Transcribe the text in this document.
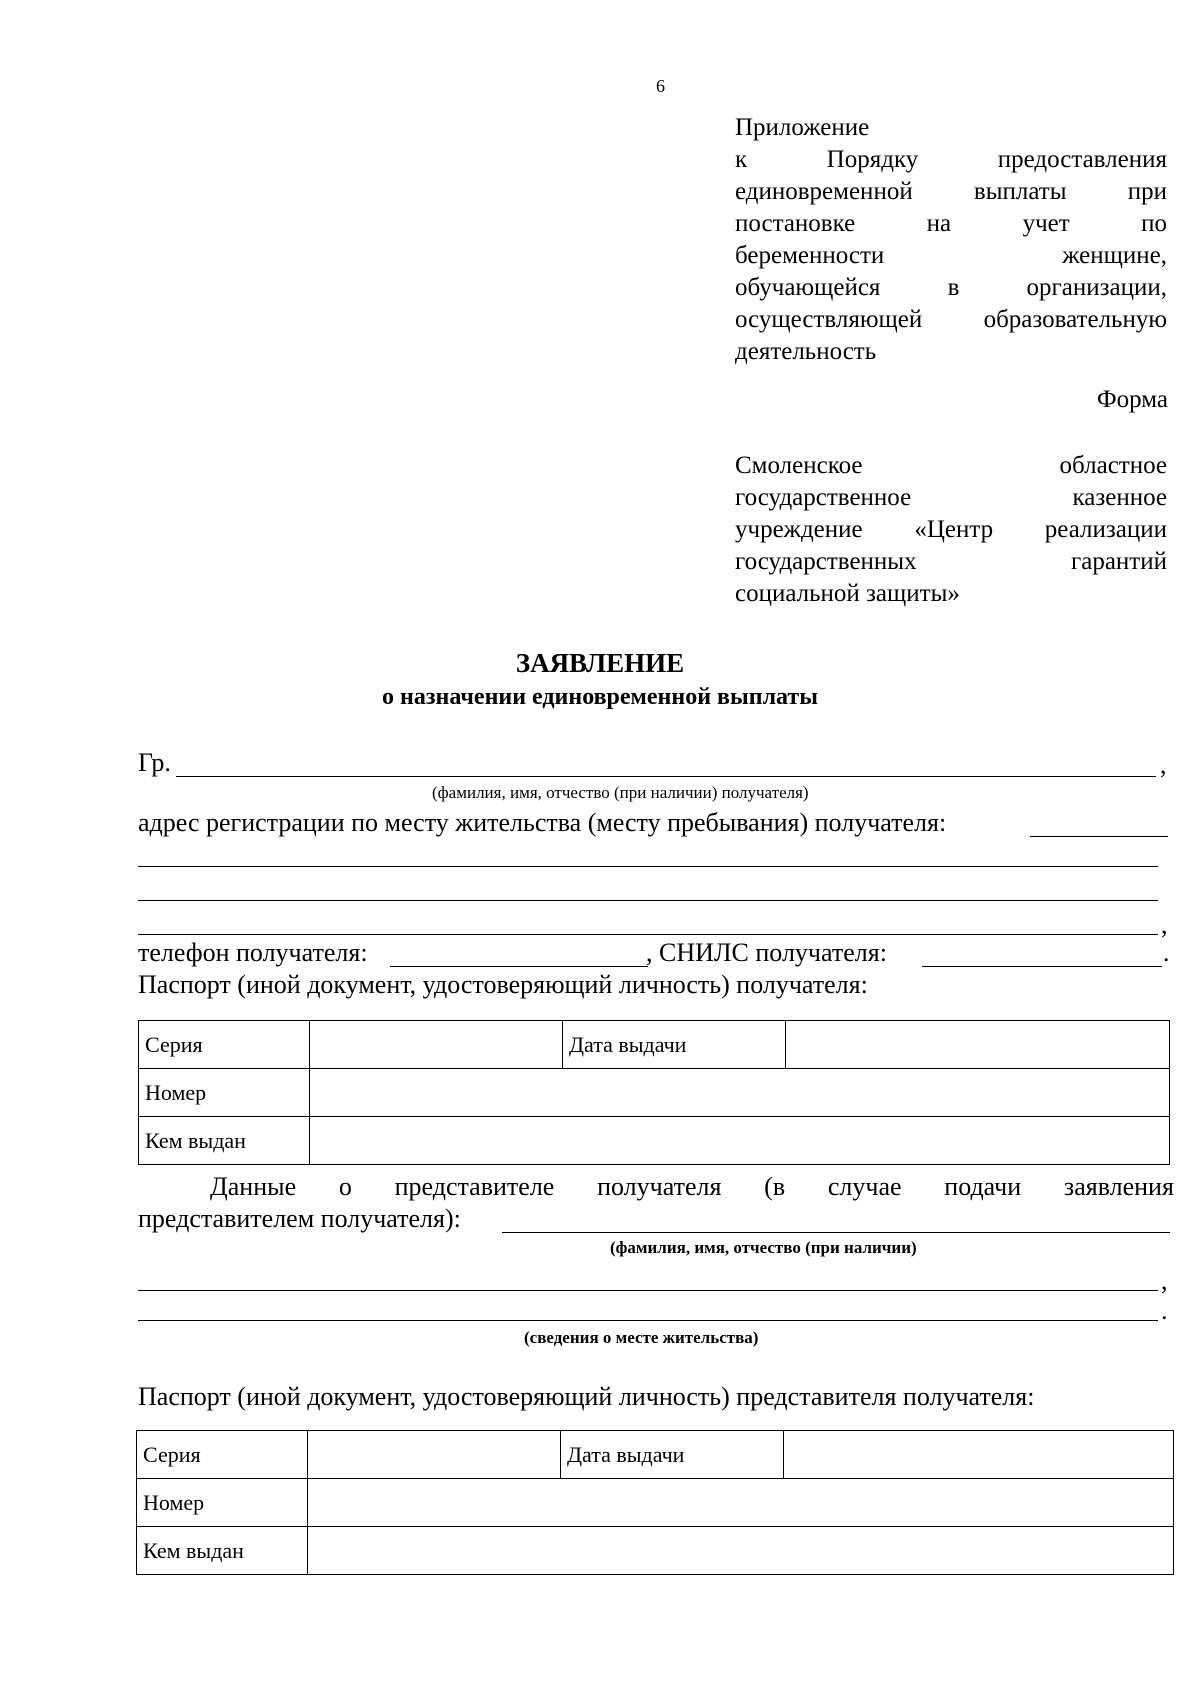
6
Приложение
к Порядку предоставления
единовременной выплаты при
постановке на учет по
беременности женщине,
обучающейся в организации,
осуществляющей образовательную
деятельность
Форма
Смоленское областное
государственное казенное
учреждение «Центр реализации
государственных гарантий
социальной защиты»
ЗАЯВЛЕНИЕ
о назначении единовременной выплаты
Гр.	,
(фамилия, имя, отчество (при наличии) получателя)
адрес регистрации по месту жительства (месту пребывания) получателя:
,
телефон получателя:	, СНИЛС получателя:	.
Паспорт (иной документ, удостоверяющий личность) получателя:
Серия		Дата выдачи	
Номер			
Кем выдан			
Данные о представителе получателя (в случае подачи заявления
представителем получателя):
(фамилия, имя, отчество (при наличии)
,
.
(сведения о месте жительства)
Паспорт (иной документ, удостоверяющий личность) представителя получателя:
Серия		Дата выдачи	
Номер			
Кем выдан			
